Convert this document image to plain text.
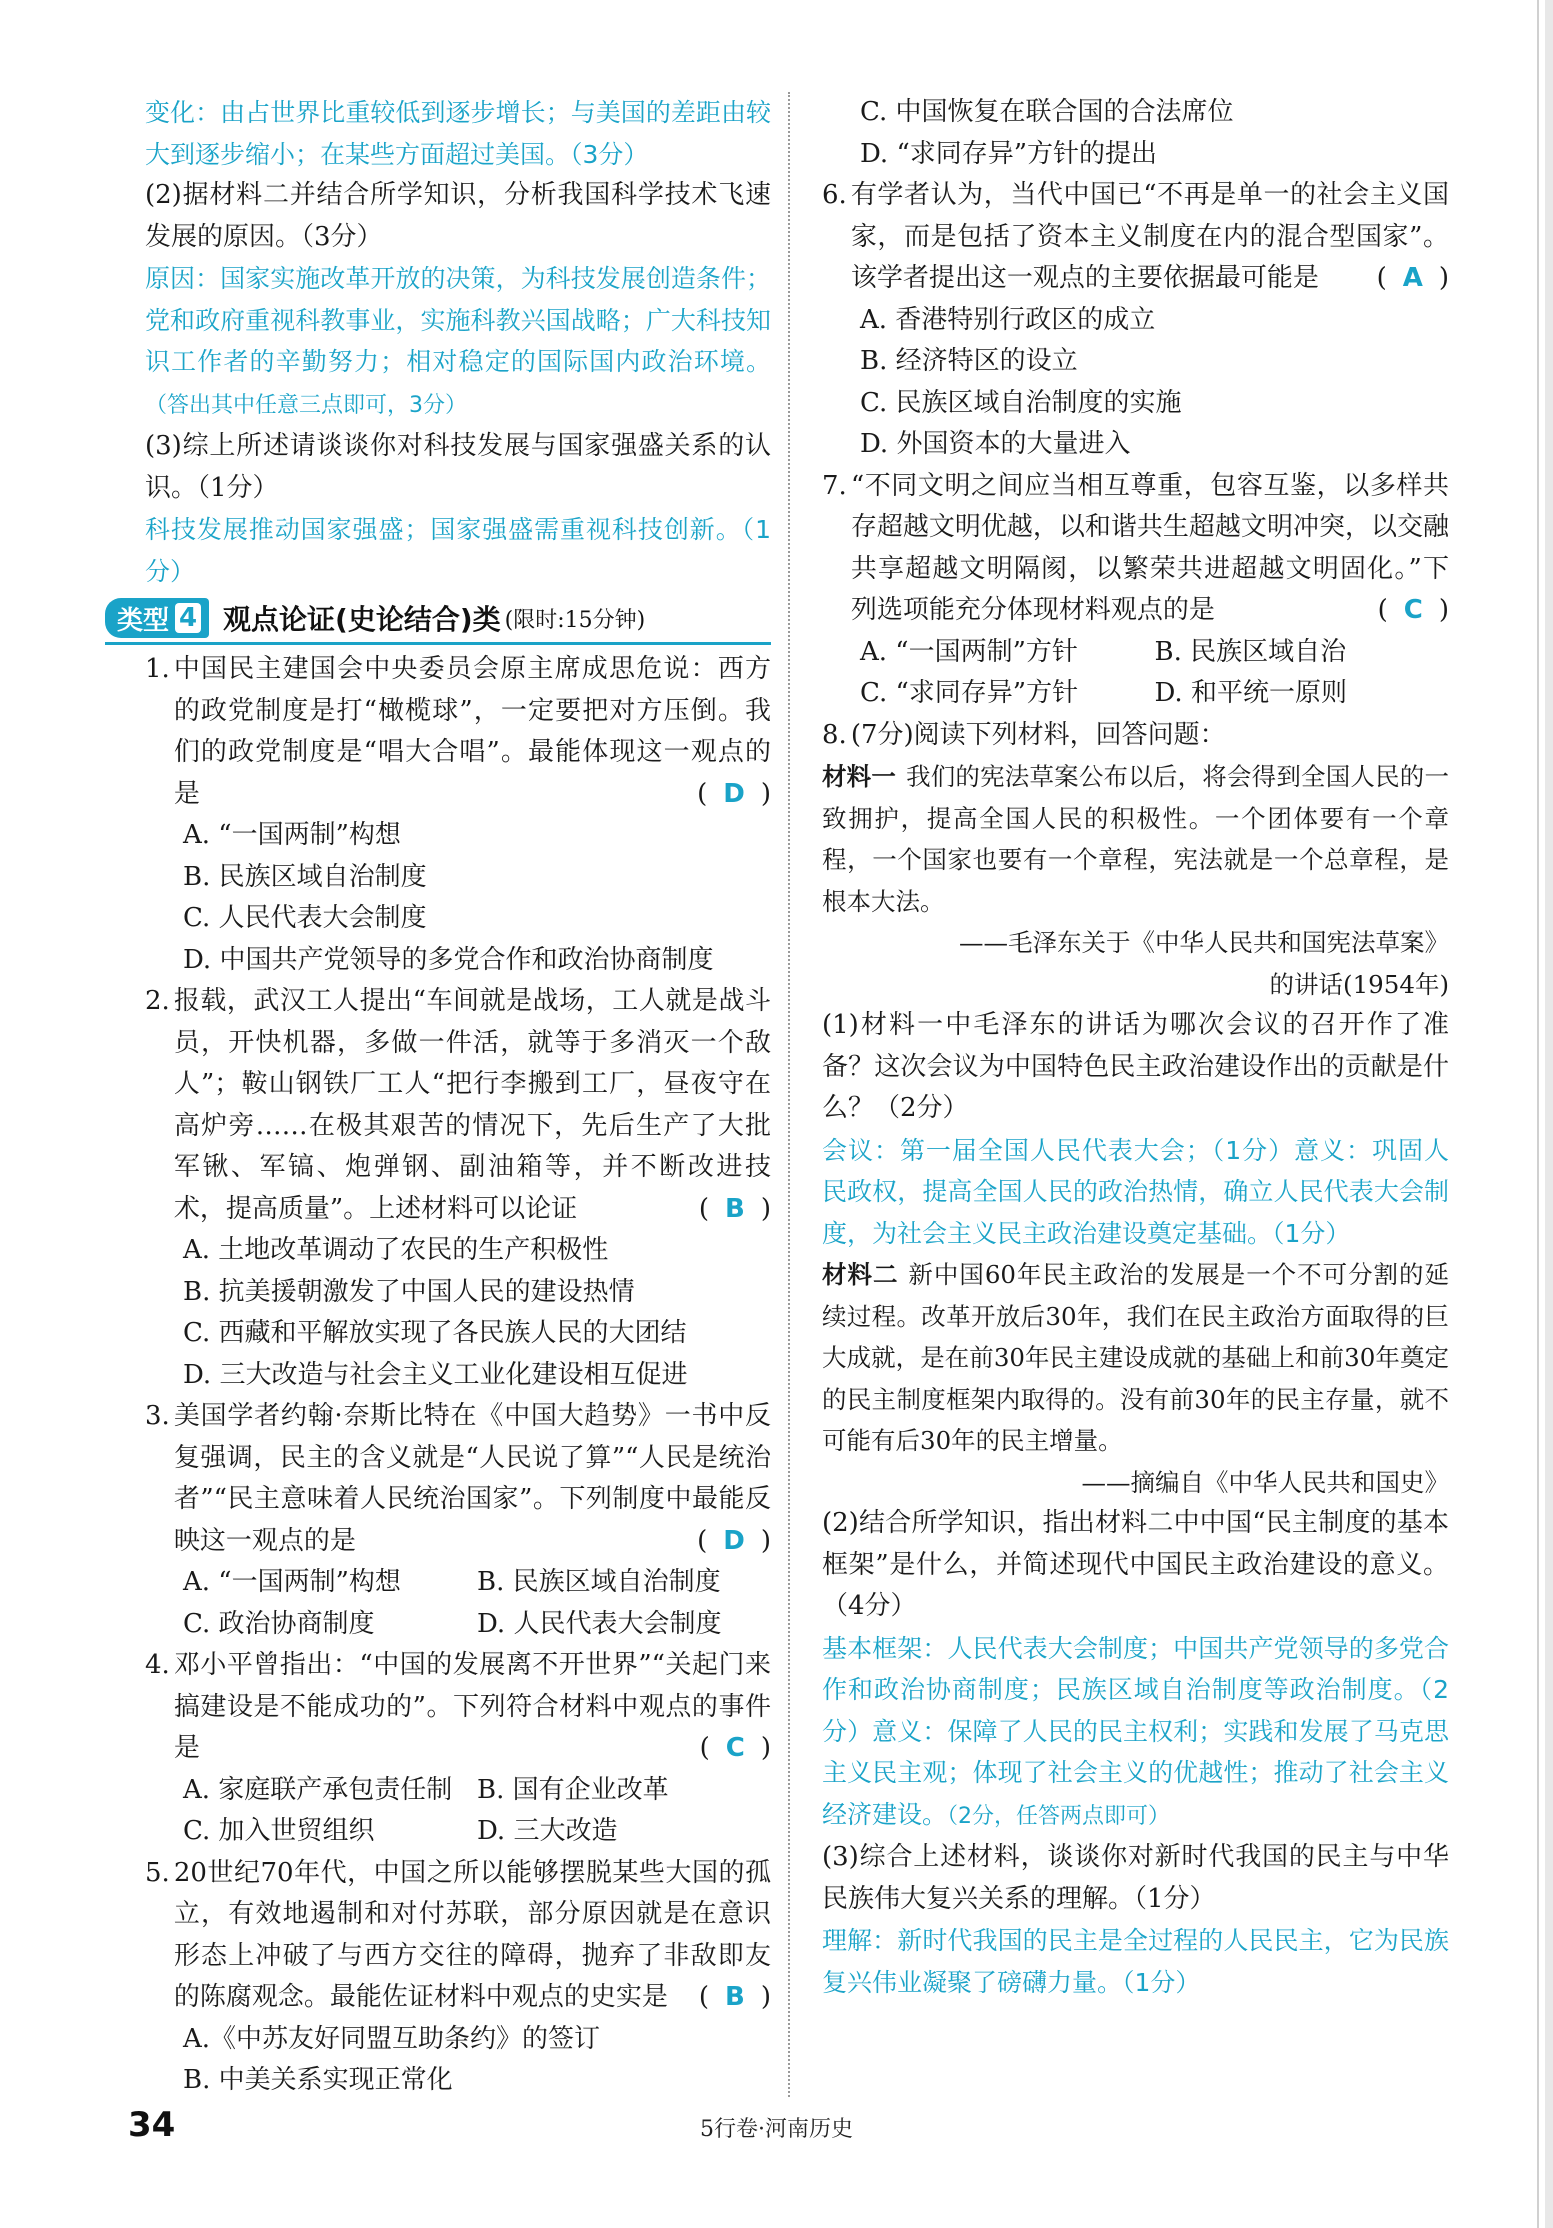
变化：由占世界比重较低到逐步增长；与美国的差距由较大到逐步缩小；在某些方面超过美国。（3分）

(2)据材料二并结合所学知识，分析我国科学技术飞速发展的原因。（3分）

原因：国家实施改革开放的决策，为科技发展创造条件；党和政府重视科教事业，实施科教兴国战略；广大科技知识工作者的辛勤努力；相对稳定的国际国内政治环境。（答出其中任意三点即可，3分）

(3)综上所述请谈谈你对科技发展与国家强盛关系的认识。（1分）

科技发展推动国家强盛；国家强盛需重视科技创新。（1分）

类型 4 观点论证(史论结合)类 (限时:15分钟)
1. 中国民主建国会中央委员会原主席成思危说：西方的政党制度是打“橄榄球”，一定要把对方压倒。我们的政党制度是“唱大合唱”。最能体现这一观点的是	( D )

A. “一国两制”构想

B. 民族区域自治制度

C. 人民代表大会制度

D. 中国共产党领导的多党合作和政治协商制度

2. 报载，武汉工人提出“车间就是战场，工人就是战斗员，开快机器，多做一件活，就等于多消灭一个敌人”；鞍山钢铁厂工人“把行李搬到工厂，昼夜守在高炉旁……在极其艰苦的情况下，先后生产了大批军锹、军镐、炮弹钢、副油箱等，并不断改进技术，提高质量”。上述材料可以论证	( B )

A. 土地改革调动了农民的生产积极性

B. 抗美援朝激发了中国人民的建设热情

C. 西藏和平解放实现了各民族人民的大团结

D. 三大改造与社会主义工业化建设相互促进

3. 美国学者约翰·奈斯比特在《中国大趋势》一书中反复强调，民主的含义就是“人民说了算”“人民是统治者”“民主意味着人民统治国家”。下列制度中最能反映这一观点的是	( D )
A. “一国两制”构想	B. 民族区域自治制度
C. 政治协商制度	D. 人民代表大会制度
4. 邓小平曾指出：“中国的发展离不开世界”“关起门来搞建设是不能成功的”。下列符合材料中观点的事件是	( C )
A. 家庭联产承包责任制 B. 国有企业改革
C. 加入世贸组织	D. 三大改造
5. 20世纪70年代，中国之所以能够摆脱某些大国的孤立，有效地遏制和对付苏联，部分原因就是在意识形态上冲破了与西方交往的障碍，抛弃了非敌即友的陈腐观念。最能佐证材料中观点的史实是 ( B )

A.《中苏友好同盟互助条约》的签订

B. 中美关系实现正常化

C. 中国恢复在联合国的合法席位

D. “求同存异”方针的提出

6. 有学者认为，当代中国已“不再是单一的社会主义国家，而是包括了资本主义制度在内的混合型国家”。该学者提出这一观点的主要依据最可能是 ( A )

A. 香港特别行政区的成立

B. 经济特区的设立

C. 民族区域自治制度的实施

D. 外国资本的大量进入

7. “不同文明之间应当相互尊重，包容互鉴，以多样共存超越文明优越，以和谐共生超越文明冲突，以交融共享超越文明隔阂，以繁荣共进超越文明固化。”下列选项能充分体现材料观点的是	( C )
A. “一国两制”方针	B. 民族区域自治
C. “求同存异”方针	D. 和平统一原则
8. (7分)阅读下列材料，回答问题：

材料一 我们的宪法草案公布以后，将会得到全国人民的一致拥护，提高全国人民的积极性。一个团体要有一个章程，一个国家也要有一个章程，宪法就是一个总章程，是根本大法。

——毛泽东关于《中华人民共和国宪法草案》

的讲话(1954年)

(1)材料一中毛泽东的讲话为哪次会议的召开作了准备？这次会议为中国特色民主政治建设作出的贡献是什么？（2分）

会议：第一届全国人民代表大会；（1分）意义：巩固人民政权，提高全国人民的政治热情，确立人民代表大会制度，为社会主义民主政治建设奠定基础。（1分）

材料二 新中国60年民主政治的发展是一个不可分割的延续过程。改革开放后30年，我们在民主政治方面取得的巨大成就，是在前30年民主建设成就的基础上和前30年奠定的民主制度框架内取得的。没有前30年的民主存量，就不可能有后30年的民主增量。

——摘编自《中华人民共和国史》

(2)结合所学知识，指出材料二中中国“民主制度的基本框架”是什么，并简述现代中国民主政治建设的意义。（4分）

基本框架：人民代表大会制度；中国共产党领导的多党合作和政治协商制度；民族区域自治制度等政治制度。（2分）意义：保障了人民的民主权利；实践和发展了马克思主义民主观；体现了社会主义的优越性；推动了社会主义经济建设。（2分，任答两点即可）

(3)综合上述材料，谈谈你对新时代我国的民主与中华民族伟大复兴关系的理解。（1分）

理解：新时代我国的民主是全过程的人民民主，它为民族复兴伟业凝聚了磅礴力量。（1分）

34	5行卷·河南历史
